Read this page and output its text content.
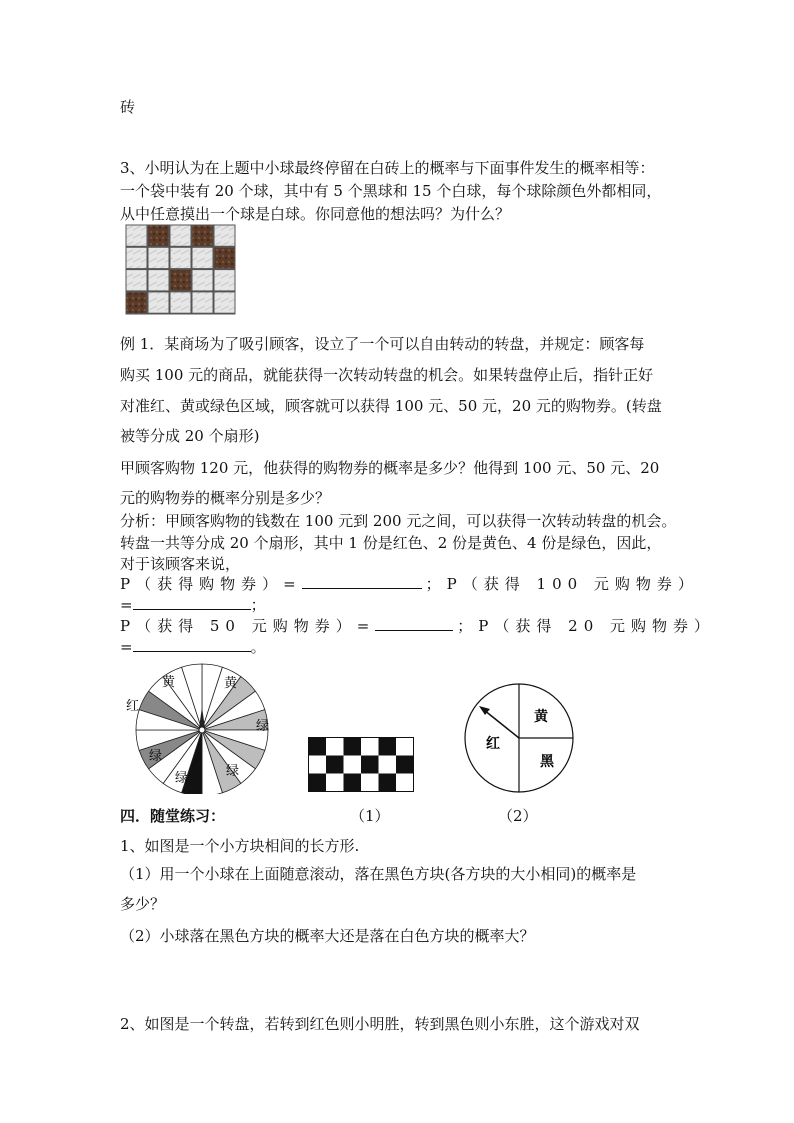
砖
3、小明认为在上题中小球最终停留在白砖上的概率与下面事件发生的概率相等：
一个袋中装有 20 个球，其中有 5 个黑球和 15 个白球，每个球除颜色外都相同，
从中任意摸出一个球是白球。你同意他的想法吗？为什么？
例 1．某商场为了吸引顾客，设立了一个可以自由转动的转盘，并规定：顾客每
购买 100 元的商品，就能获得一次转动转盘的机会。如果转盘停止后，指针正好
对准红、黄或绿色区域，顾客就可以获得 100 元、50 元，20 元的购物券。(转盘
被等分成 20 个扇形)
甲顾客购物 120 元，他获得的购物券的概率是多少？他得到 100 元、50 元、20
元的购物券的概率分别是多少？
分析：甲顾客购物的钱数在 100 元到 200 元之间，可以获得一次转动转盘的机会。
转盘一共等分成 20 个扇形，其中 1 份是红色、2 份是黄色、4 份是绿色，因此，
对于该顾客来说，
P（获得购物券）=	；P（获得 100 元购物券）
=	；
P（获得 50 元购物券）=	；P（获得 20 元购物券）
=	。
红
黄	黄
绿
绿
绿	绿
黄
红
黑
四．随堂练习：	（1）	（2）
1、如图是一个小方块相间的长方形.
（1）用一个小球在上面随意滚动，落在黑色方块(各方块的大小相同)的概率是
多少？
（2）小球落在黑色方块的概率大还是落在白色方块的概率大？
2、如图是一个转盘，若转到红色则小明胜，转到黑色则小东胜，这个游戏对双
